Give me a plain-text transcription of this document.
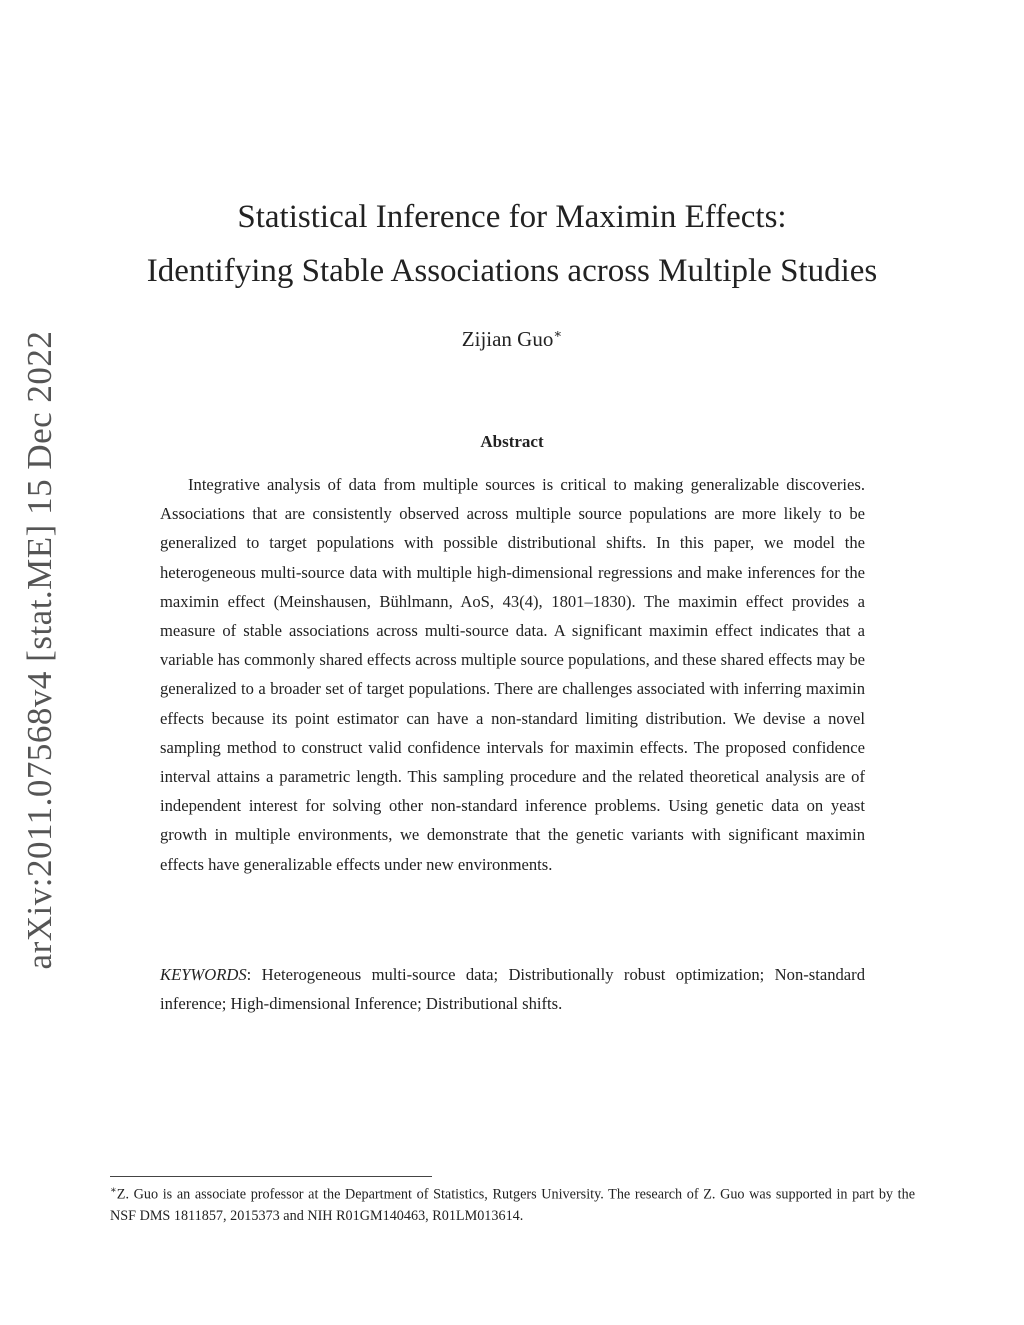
arXiv:2011.07568v4 [stat.ME] 15 Dec 2022
Statistical Inference for Maximin Effects:
Identifying Stable Associations across Multiple Studies
Zijian Guo∗
Abstract

Integrative analysis of data from multiple sources is critical to making generalizable discoveries. Associations that are consistently observed across multiple source populations are more likely to be generalized to target populations with possible distributional shifts. In this paper, we model the heterogeneous multi-source data with multiple high-dimensional regressions and make inferences for the maximin effect (Meinshausen, Bühlmann, AoS, 43(4), 1801–1830). The maximin effect provides a measure of stable associations across multi-source data. A significant maximin effect indicates that a variable has commonly shared effects across multiple source populations, and these shared effects may be generalized to a broader set of target populations. There are challenges associated with inferring maximin effects because its point estimator can have a non-standard limiting distribution. We devise a novel sampling method to construct valid confidence intervals for maximin effects. The proposed confidence interval attains a parametric length. This sampling procedure and the related theoretical analysis are of independent interest for solving other non-standard inference problems. Using genetic data on yeast growth in multiple environments, we demonstrate that the genetic variants with significant maximin effects have generalizable effects under new environments.

KEYWORDS: Heterogeneous multi-source data; Distributionally robust optimization; Non-standard inference; High-dimensional Inference; Distributional shifts.

∗Z. Guo is an associate professor at the Department of Statistics, Rutgers University. The research of Z. Guo was supported in part by the NSF DMS 1811857, 2015373 and NIH R01GM140463, R01LM013614.
